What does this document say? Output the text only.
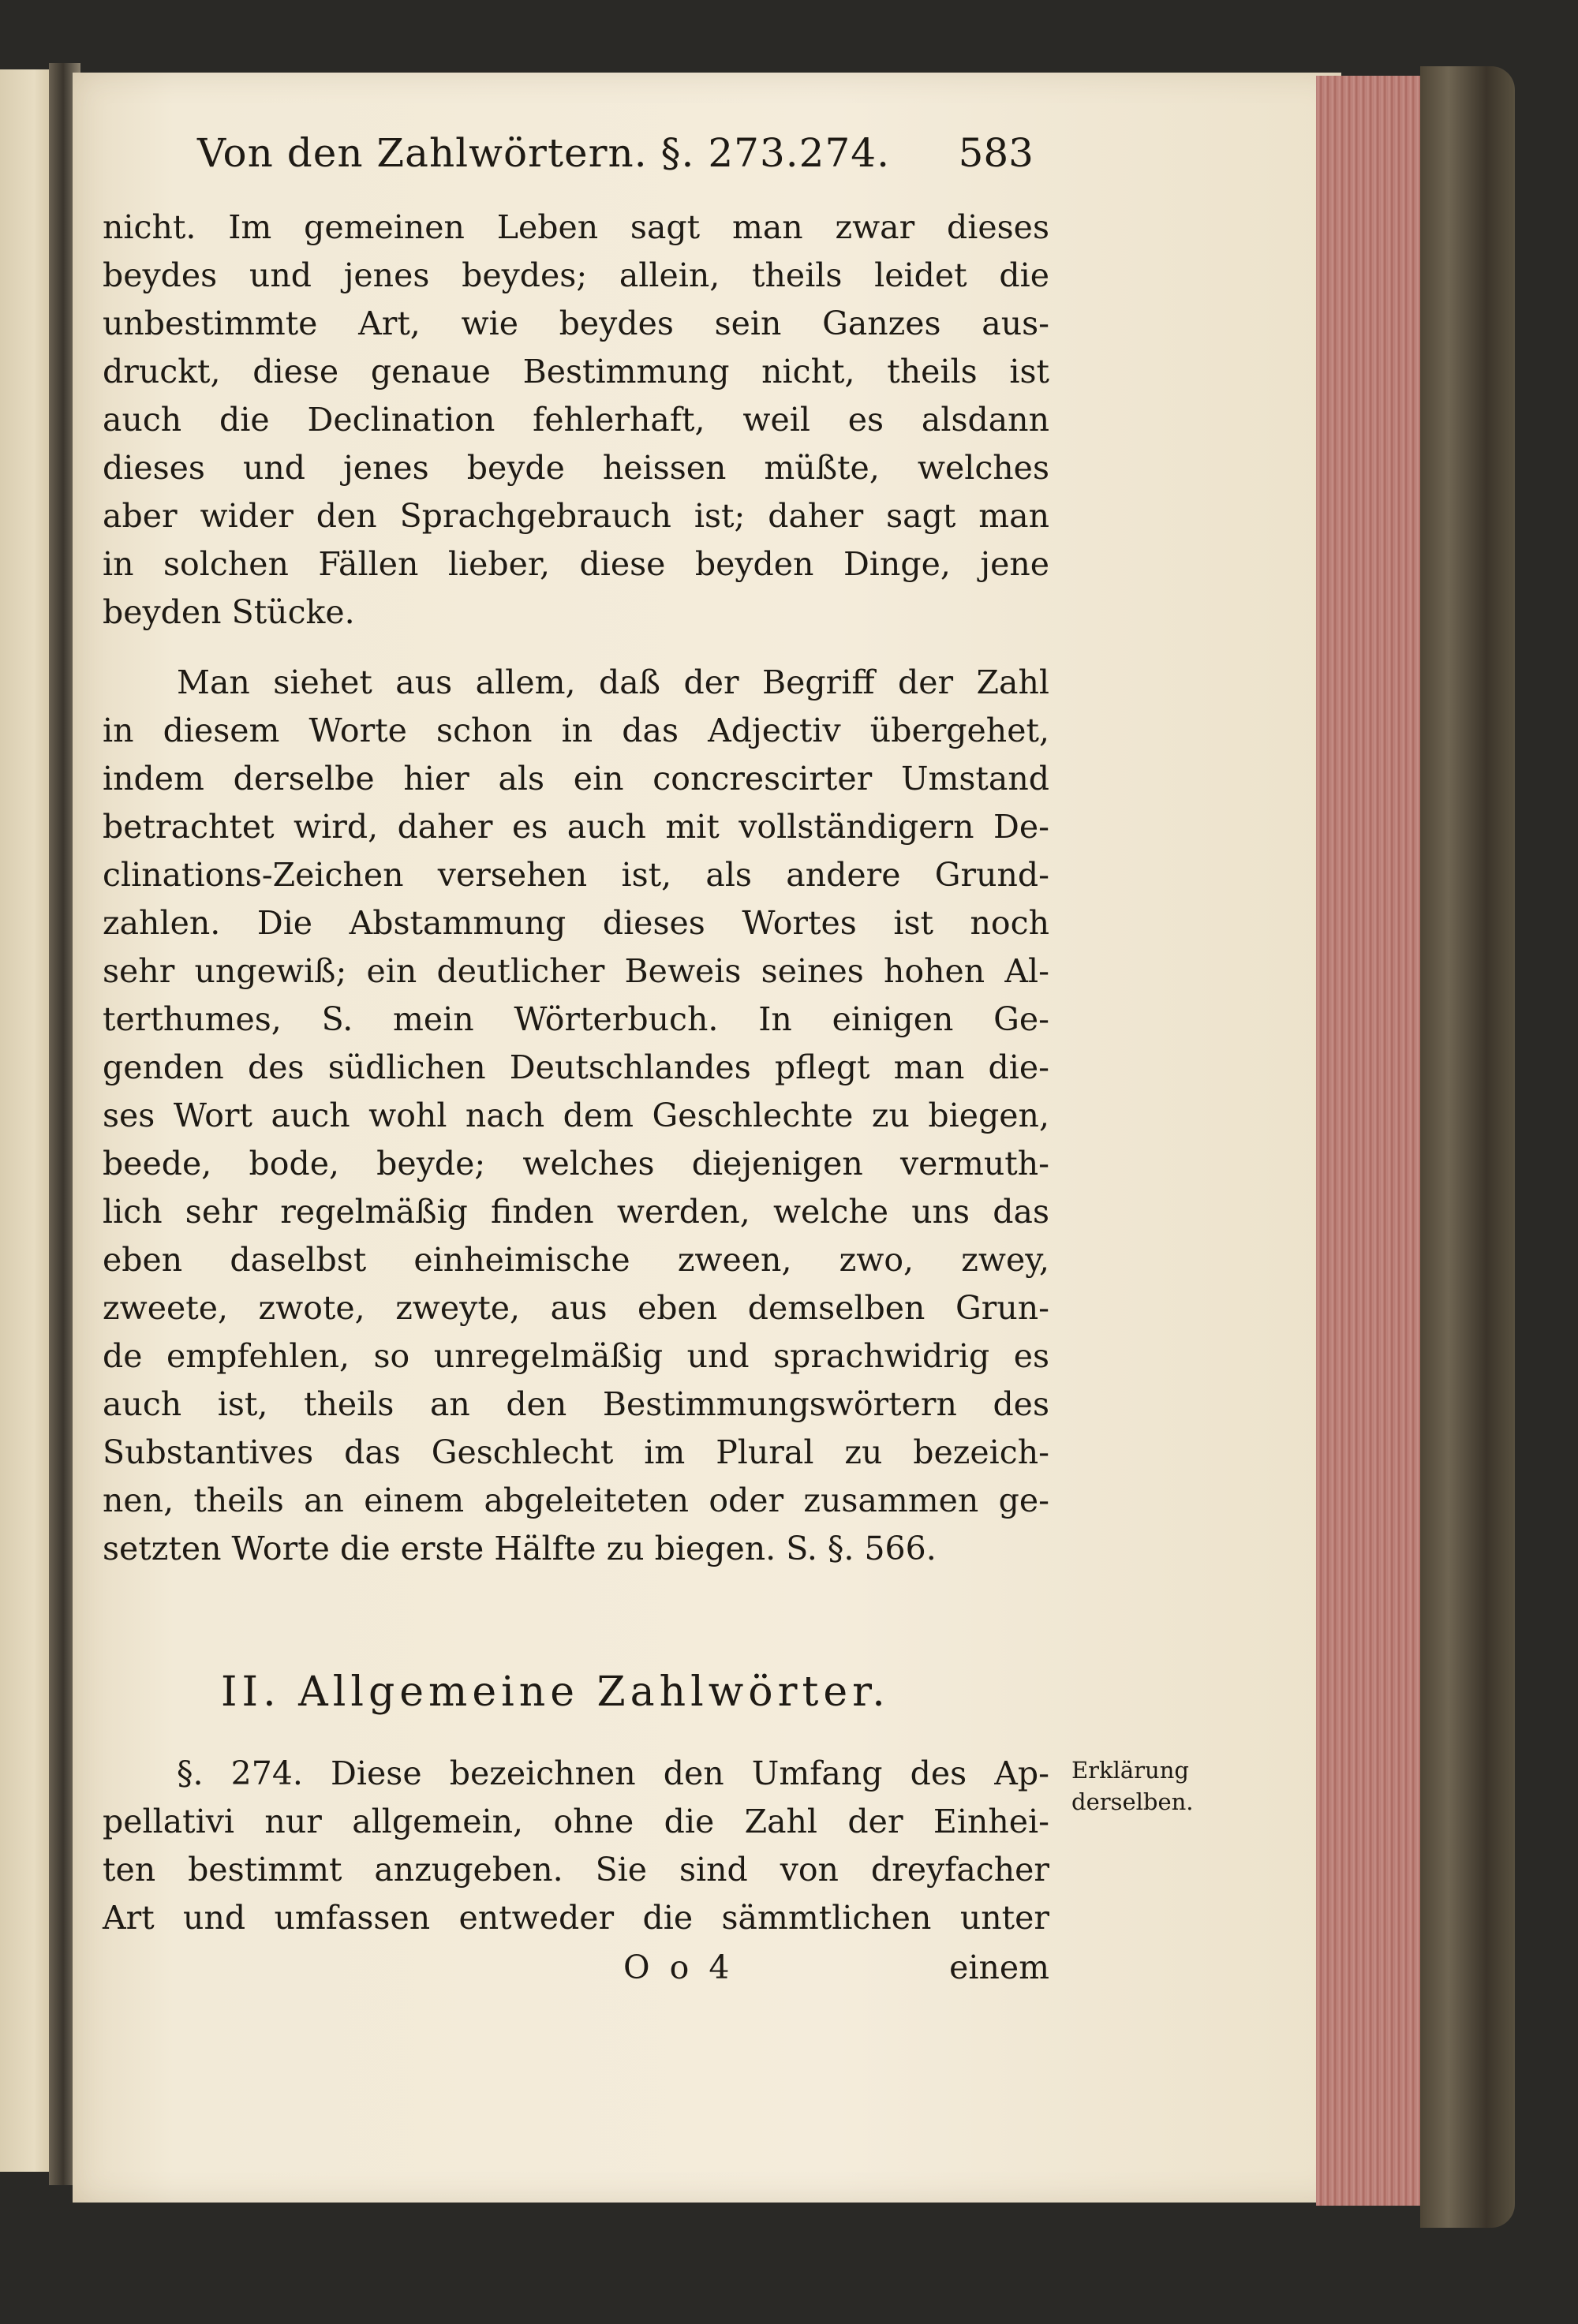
Von den Zahlwörtern. §. 273.274. 583
nicht. Im gemeinen Leben sagt man zwar dieses
beydes und jenes beydes; allein, theils leidet die
unbestimmte Art, wie beydes sein Ganzes aus-
druckt, diese genaue Bestimmung nicht, theils ist
auch die Declination fehlerhaft, weil es alsdann
dieses und jenes beyde heissen müßte, welches
aber wider den Sprachgebrauch ist; daher sagt man
in solchen Fällen lieber, diese beyden Dinge, jene
beyden Stücke.
Man siehet aus allem, daß der Begriff der Zahl
in diesem Worte schon in das Adjectiv übergehet,
indem derselbe hier als ein concrescirter Umstand
betrachtet wird, daher es auch mit vollständigern De-
clinations-Zeichen versehen ist, als andere Grund-
zahlen. Die Abstammung dieses Wortes ist noch
sehr ungewiß; ein deutlicher Beweis seines hohen Al-
terthumes, S. mein Wörterbuch. In einigen Ge-
genden des südlichen Deutschlandes pflegt man die-
ses Wort auch wohl nach dem Geschlechte zu biegen,
beede, bode, beyde; welches diejenigen vermuth-
lich sehr regelmäßig finden werden, welche uns das
eben daselbst einheimische zween, zwo, zwey,
zweete, zwote, zweyte, aus eben demselben Grun-
de empfehlen, so unregelmäßig und sprachwidrig es
auch ist, theils an den Bestimmungswörtern des
Substantives das Geschlecht im Plural zu bezeich-
nen, theils an einem abgeleiteten oder zusammen ge-
setzten Worte die erste Hälfte zu biegen. S. §. 566.
II. Allgemeine Zahlwörter.
§. 274. Diese bezeichnen den Umfang des Ap-
pellativi nur allgemein, ohne die Zahl der Einhei-
ten bestimmt anzugeben. Sie sind von dreyfacher
Art und umfassen entweder die sämmtlichen unter
Erklärung
derselben.
O o 4	einem
